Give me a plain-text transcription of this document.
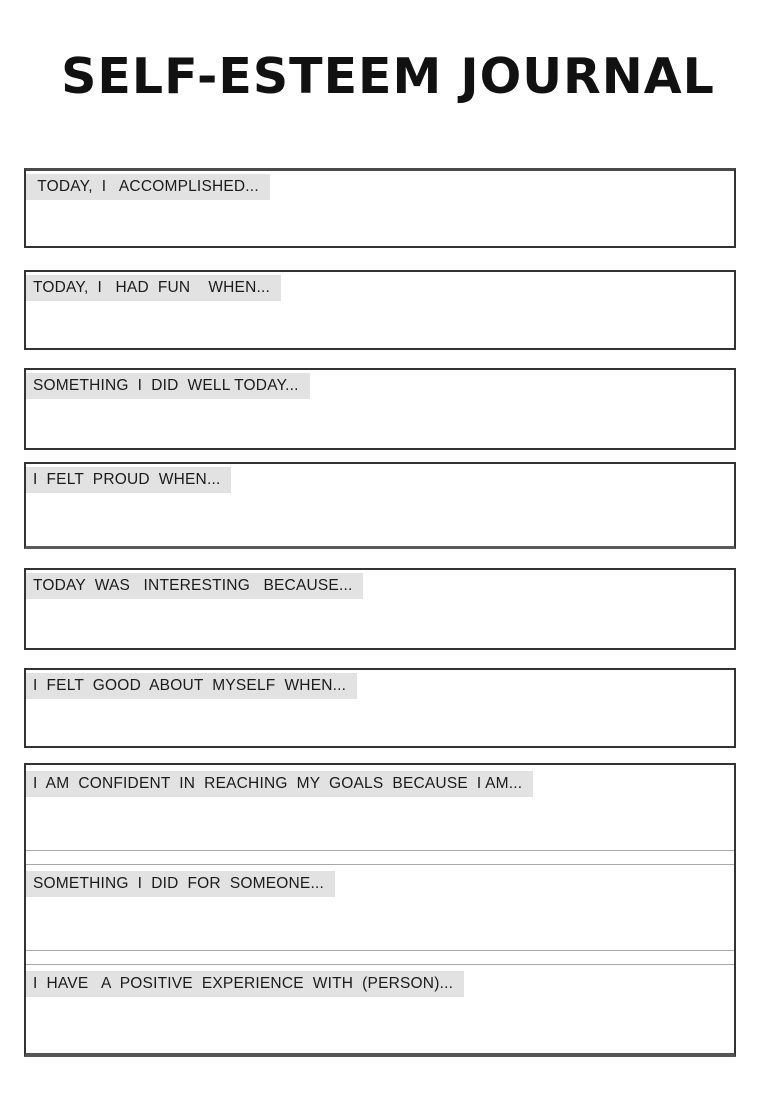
SELF-ESTEEM JOURNAL
TODAY,  I   ACCOMPLISHED...
TODAY,  I   HAD  FUN    WHEN...
SOMETHING  I  DID  WELL TODAY...
I  FELT  PROUD  WHEN...
TODAY  WAS   INTERESTING   BECAUSE...
I  FELT  GOOD  ABOUT  MYSELF  WHEN...
I  AM  CONFIDENT  IN  REACHING  MY  GOALS  BECAUSE  I AM...
SOMETHING  I  DID  FOR  SOMEONE...
I  HAVE   A  POSITIVE  EXPERIENCE  WITH  (PERSON)...
